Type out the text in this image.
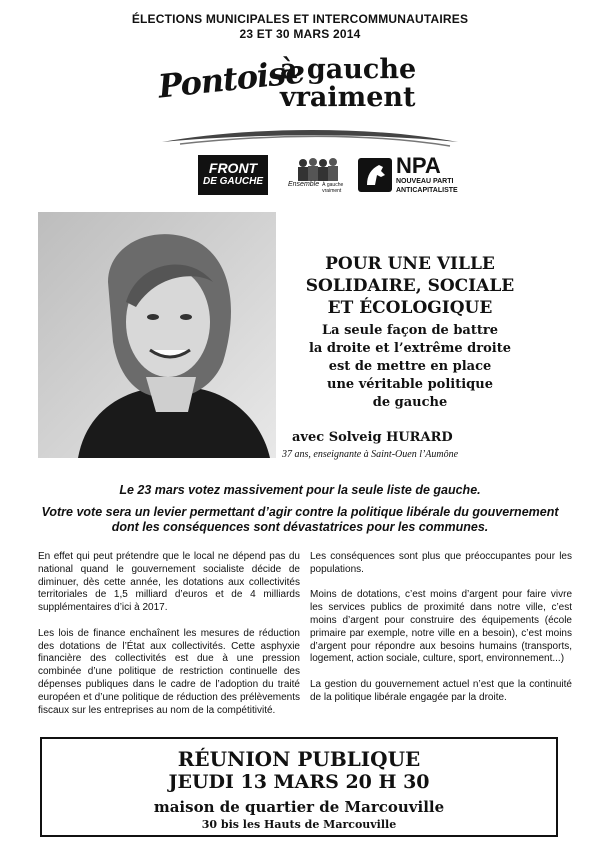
ÉLECTIONS MUNICIPALES ET INTERCOMMUNAUTAIRES
23 ET 30 MARS 2014
Pontoise
à gauche
vraiment
FRONT
DE GAUCHE	Ensemble À gauche vraiment
NPA
NOUVEAU PARTI
ANTICAPITALISTE
POUR UNE VILLE
SOLIDAIRE, SOCIALE
ET ÉCOLOGIQUE
La seule façon de battre
la droite et l’extrême droite
est de mettre en place
une véritable politique
de gauche
avec Solveig HURARD
37 ans, enseignante à Saint-Ouen l’Aumône
Le 23 mars votez massivement pour la seule liste de gauche.
Votre vote sera un levier permettant d’agir contre la politique libérale du gouvernement
dont les conséquences sont dévastatrices pour les communes.

En effet qui peut prétendre que le local ne dépend pas du national quand le gouvernement socialiste décide de diminuer, dès cette année, les dotations aux collectivités territoriales de 1,5 milliard d’euros et de 4 milliards supplémentaires d’ici à 2017.

Les lois de finance enchaînent les mesures de réduction des dotations de l’État aux collectivités. Cette asphyxie financière des collectivités est due à une pression combinée d’une politique de restriction continuelle des dépenses publiques dans le cadre de l’adoption du traité européen et d’une politique de réduction des prélèvements fiscaux sur les entreprises au nom de la compétitivité.

Les conséquences sont plus que préoccupantes pour les populations.

Moins de dotations, c’est moins d’argent pour faire vivre les services publics de proximité dans notre ville, c’est moins d’argent pour construire des équipements (école primaire par exemple, notre ville en a besoin), c’est moins d’argent pour répondre aux besoins humains (transports, logement, action sociale, culture, sport, environnement...)

La gestion du gouvernement actuel n’est que la continuité de la politique libérale engagée par la droite.

RÉUNION PUBLIQUE
JEUDI 13 MARS 20 H 30
maison de quartier de Marcouville
30 bis les Hauts de Marcouville
